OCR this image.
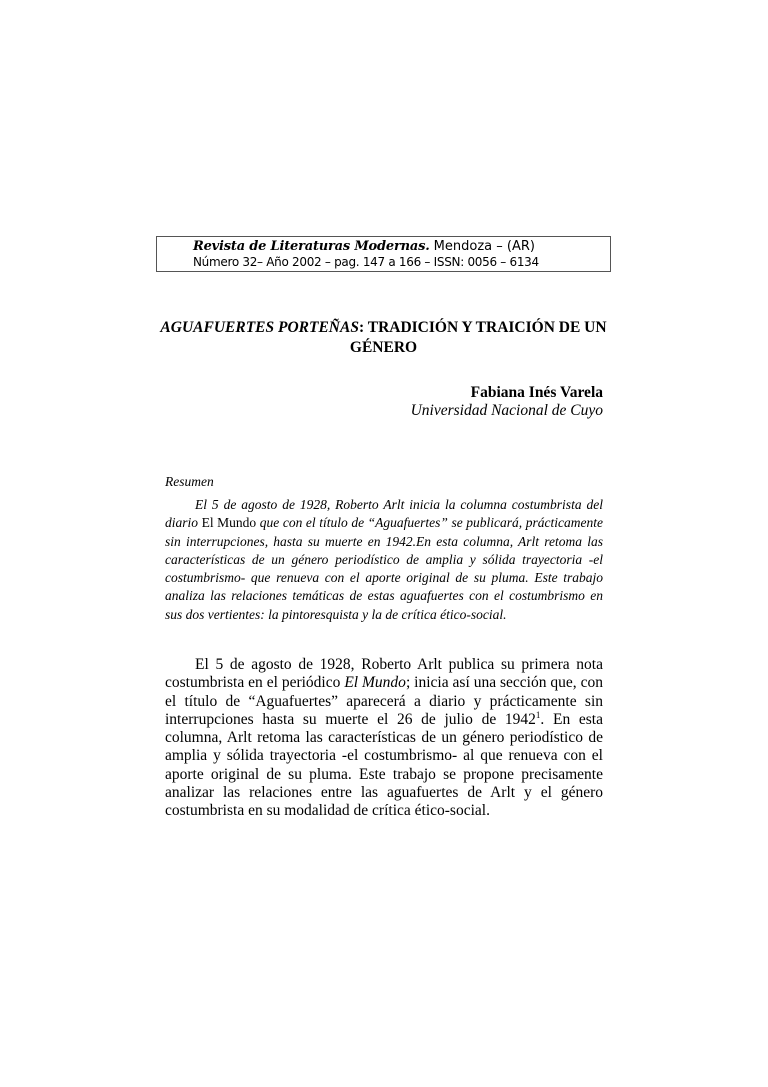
Revista de Literaturas Modernas. Mendoza – (AR)
Número 32– Año 2002 – pag. 147 a 166 – ISSN: 0056 – 6134
AGUAFUERTES PORTEÑAS: TRADICIÓN Y TRAICIÓN DE UN GÉNERO
Fabiana Inés Varela
Universidad Nacional de Cuyo
Resumen
El 5 de agosto de 1928, Roberto Arlt inicia la columna costumbrista del diario El Mundo que con el título de “Aguafuertes” se publicará, prácticamente sin interrupciones, hasta su muerte en 1942.En esta columna, Arlt retoma las características de un género periodístico de amplia y sólida trayectoria -el costumbrismo- que renueva con el aporte original de su pluma. Este trabajo analiza las relaciones temáticas de estas aguafuertes con el costumbrismo en sus dos vertientes: la pintoresquista y la de crítica ético-social.
El 5 de agosto de 1928, Roberto Arlt publica su primera nota costumbrista en el periódico El Mundo; inicia así una sección que, con el título de “Aguafuertes” aparecerá a diario y prácticamente sin interrupciones hasta su muerte el 26 de julio de 1942$^1$. En esta columna, Arlt retoma las características de un género periodístico de amplia y sólida trayectoria -el costumbrismo- al que renueva con el aporte original de su pluma. Este trabajo se propone precisamente analizar las relaciones entre las aguafuertes de Arlt y el género costumbrista en su modalidad de crítica ético-social.
